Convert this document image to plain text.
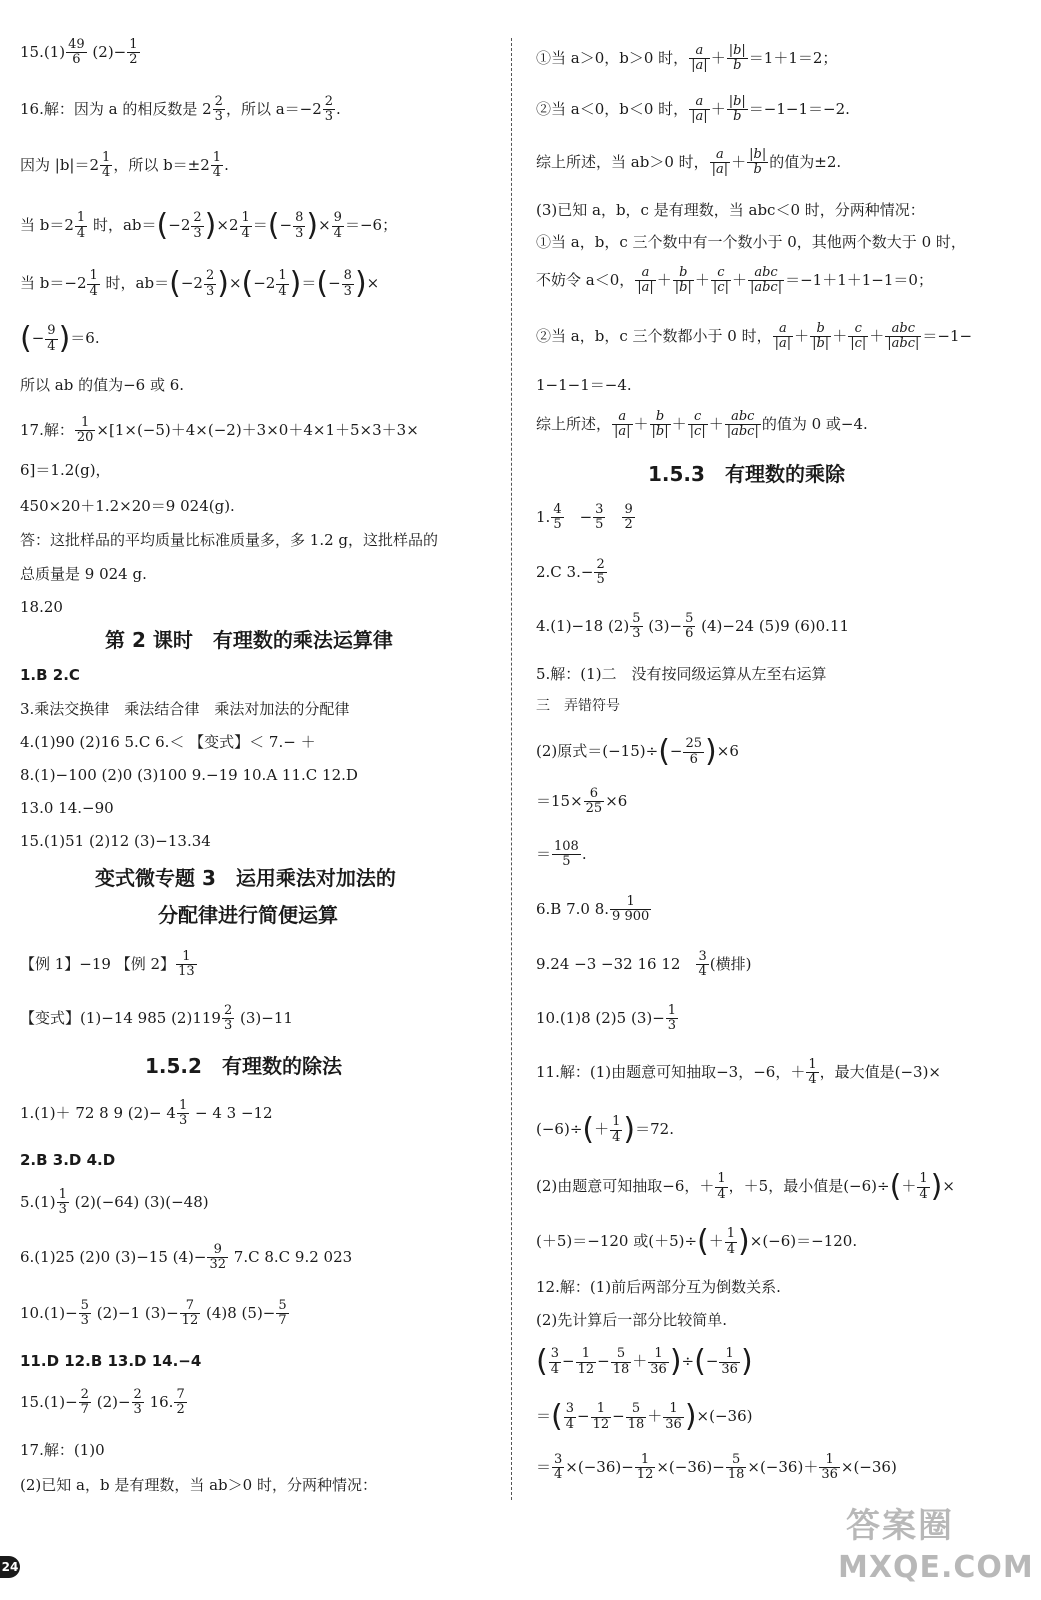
$15.(1) \frac{49}{6} (2)- \frac{1}{2}$
16.解：因为 a 的相反数是 $2 \frac{2}{3}$ ，所以 $a=-2 \frac{2}{3}$ .
因为 $|b|=2 \frac{1}{4}$ ，所以 $b=\pm 2 \frac{1}{4}$ .
当 $b=2 \frac{1}{4}$ 时，$ab=(-2 \frac{2}{3} )\times 2 \frac{1}{4}$ ＝(− $\frac{8}{3}$ )× $\frac{9}{4} =-6$；
当 $b=-2 \frac{1}{4}$ 时，$ab=(-2 \frac{2}{3} )\times(-2 \frac{1}{4}$ )＝(− $\frac{8}{3}$ )×
(− $\frac{9}{4} )=6$.
所以 ab 的值为−6 或 6.
17.解： $\frac{1}{20} \times[1\times(-5)+4\times(-2)+3\times 0+4\times 1+5\times 3+3\times$
6]＝1.2(g)，
450×20＋1.2×20＝9 024(g).
答：这批样品的平均质量比标准质量多，多 1.2 g，这批样品的
总质量是 9 024 g.
18.20
第 2 课时　有理数的乘法运算律
1.B 2.C
3.乘法交换律　乘法结合律　乘法对加法的分配律
4.(1)90 (2)16 5.C 6.＜ 【变式】＜ 7.− ＋
8.(1)−100 (2)0 (3)100 9.−19 10.A 11.C 12.D
13.0 14.−90
15.(1)51 (2)12 (3)−13.34
变式微专题 3　运用乘法对加法的
分配律进行简便运算
【例 1】−19 【例 2】 $\frac{1}{13}$
【变式】(1)−14 985 $(2)119 \frac{2}{3} (3)-11$
1.5.2　有理数的除法
1.(1)＋ 72 8 9 $(2)- 4 \frac{1}{3} - 4$ 3 −12
2.B 3.D 4.D
$5.(1) \frac{1}{3} (2)(-64)$ (3)(−48)
6.(1)25 (2)0 (3)−15 $(4)- \frac{9}{32} 7.C$ 8.C 9.2 023
$10.(1)- \frac{5}{3} (2)-1$ $(3)- \frac{7}{12} (4)8$ $(5)- \frac{5}{7}$
11.D 12.B 13.D 14.−4
$15.(1)- \frac{2}{7} (2)- \frac{2}{3} 16$. $\frac{7}{2}$
17.解：(1)0
(2)已知 a，b 是有理数，当 ab＞0 时，分两种情况：
24
①当 a＞0，b＞0 时， $\frac{a}{|a|} + \frac{|b|}{b} =1+1=2$；
②当 a＜0，b＜0 时， $\frac{a}{|a|} + \frac{|b|}{b} =-1-1=-2$.
综上所述，当 ab＞0 时， $\frac{a}{|a|} + \frac{|b|}{b}$ 的值为±2.
(3)已知 a，b，c 是有理数，当 abc＜0 时，分两种情况：
①当 a，b，c 三个数中有一个数小于 0，其他两个数大于 0 时，
不妨令 a＜0， $\frac{a}{|a|} + \frac{b}{|b|} + \frac{c}{|c|} + \frac{\text{abc}}{\text{|abc|}} =-1+1+1-1=0$；
②当 a，b，c 三个数都小于 0 时， $\frac{a}{|a|} + \frac{b}{|b|} + \frac{c}{|c|} + \frac{\text{abc}}{\text{|abc|}} =-1-$
1−1−1＝−4.
综上所述， $\frac{a}{|a|} + \frac{b}{|b|} + \frac{c}{|c|} + \frac{\text{abc}}{\text{|abc|}}$ 的值为 0 或−4.
1.5.3　有理数的乘除
1. $\frac{4}{5}$ 　− $\frac{3}{5}$
　 $\frac{9}{2}$
2.C $3.- \frac{2}{5}$
4.(1)−18 $(2) \frac{5}{3} (3)- \frac{5}{6} (4)-24$ (5)9 (6)0.11
5.解：(1)二　没有按同级运算从左至右运算
三　弄错符号
(2)原式$=(-15)\div(- \frac{25}{6} )\times 6$
$=15\times \frac{6}{25} \times 6$
＝ $\frac{108}{5}$ .
6.B 7.0 8. $\frac{1}{9 900}$
9.24 −3 −32 16 12　 $\frac{3}{4}$ (横排)
10.(1)8 (2)5 $(3)- \frac{1}{3}$
11.解：(1)由题意可知抽取−3，−6，＋ $\frac{1}{4}$ ，最大值是(−3)×
$(-6)\div(+ \frac{1}{4} )=72$.
(2)由题意可知抽取−6，＋ $\frac{1}{4}$ ，＋5，最小值是$(-6)\div(+ \frac{1}{4}$ )×
(＋5)＝−120 或$(+5)\div(+ \frac{1}{4} )\times(-6)=-120$.
12.解：(1)前后两部分互为倒数关系.
(2)先计算后一部分比较简单.
( $\frac{3}{4} - \frac{1}{12} - \frac{5}{18} + \frac{1}{36}$ )÷(− $\frac{1}{36}$ )
＝( $\frac{3}{4} - \frac{1}{12} - \frac{5}{18} + \frac{1}{36} )\times(-36)$
＝ $\frac{3}{4} \times(-36)- \frac{1}{12} \times(-36)- \frac{5}{18} \times(-36)+ \frac{1}{36} \times(-36)$
答案圈
MXQE.COM
